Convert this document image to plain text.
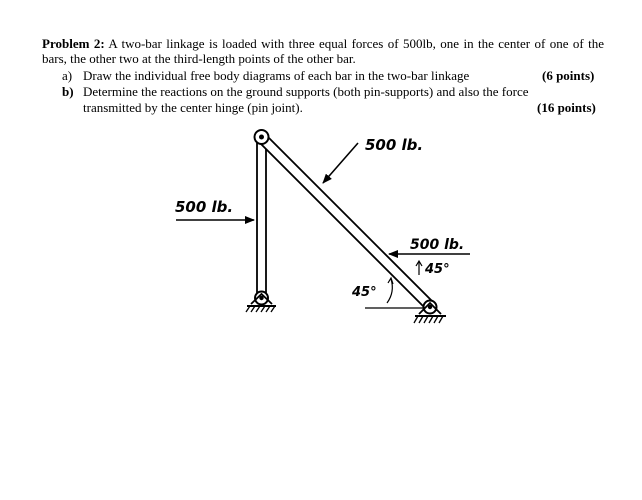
Problem 2: A two-bar linkage is loaded with three equal forces of 500lb, one in the center of one of the bars, the other two at the third-length points of the other bar.
a) Draw the individual free body diagrams of each bar in the two-bar linkage	(6 points)
b) Determine the reactions on the ground supports (both pin-supports) and also the force
transmitted by the center hinge (pin joint).	(16 points)
500 lb.
500 lb.
500 lb.
45°
45°
